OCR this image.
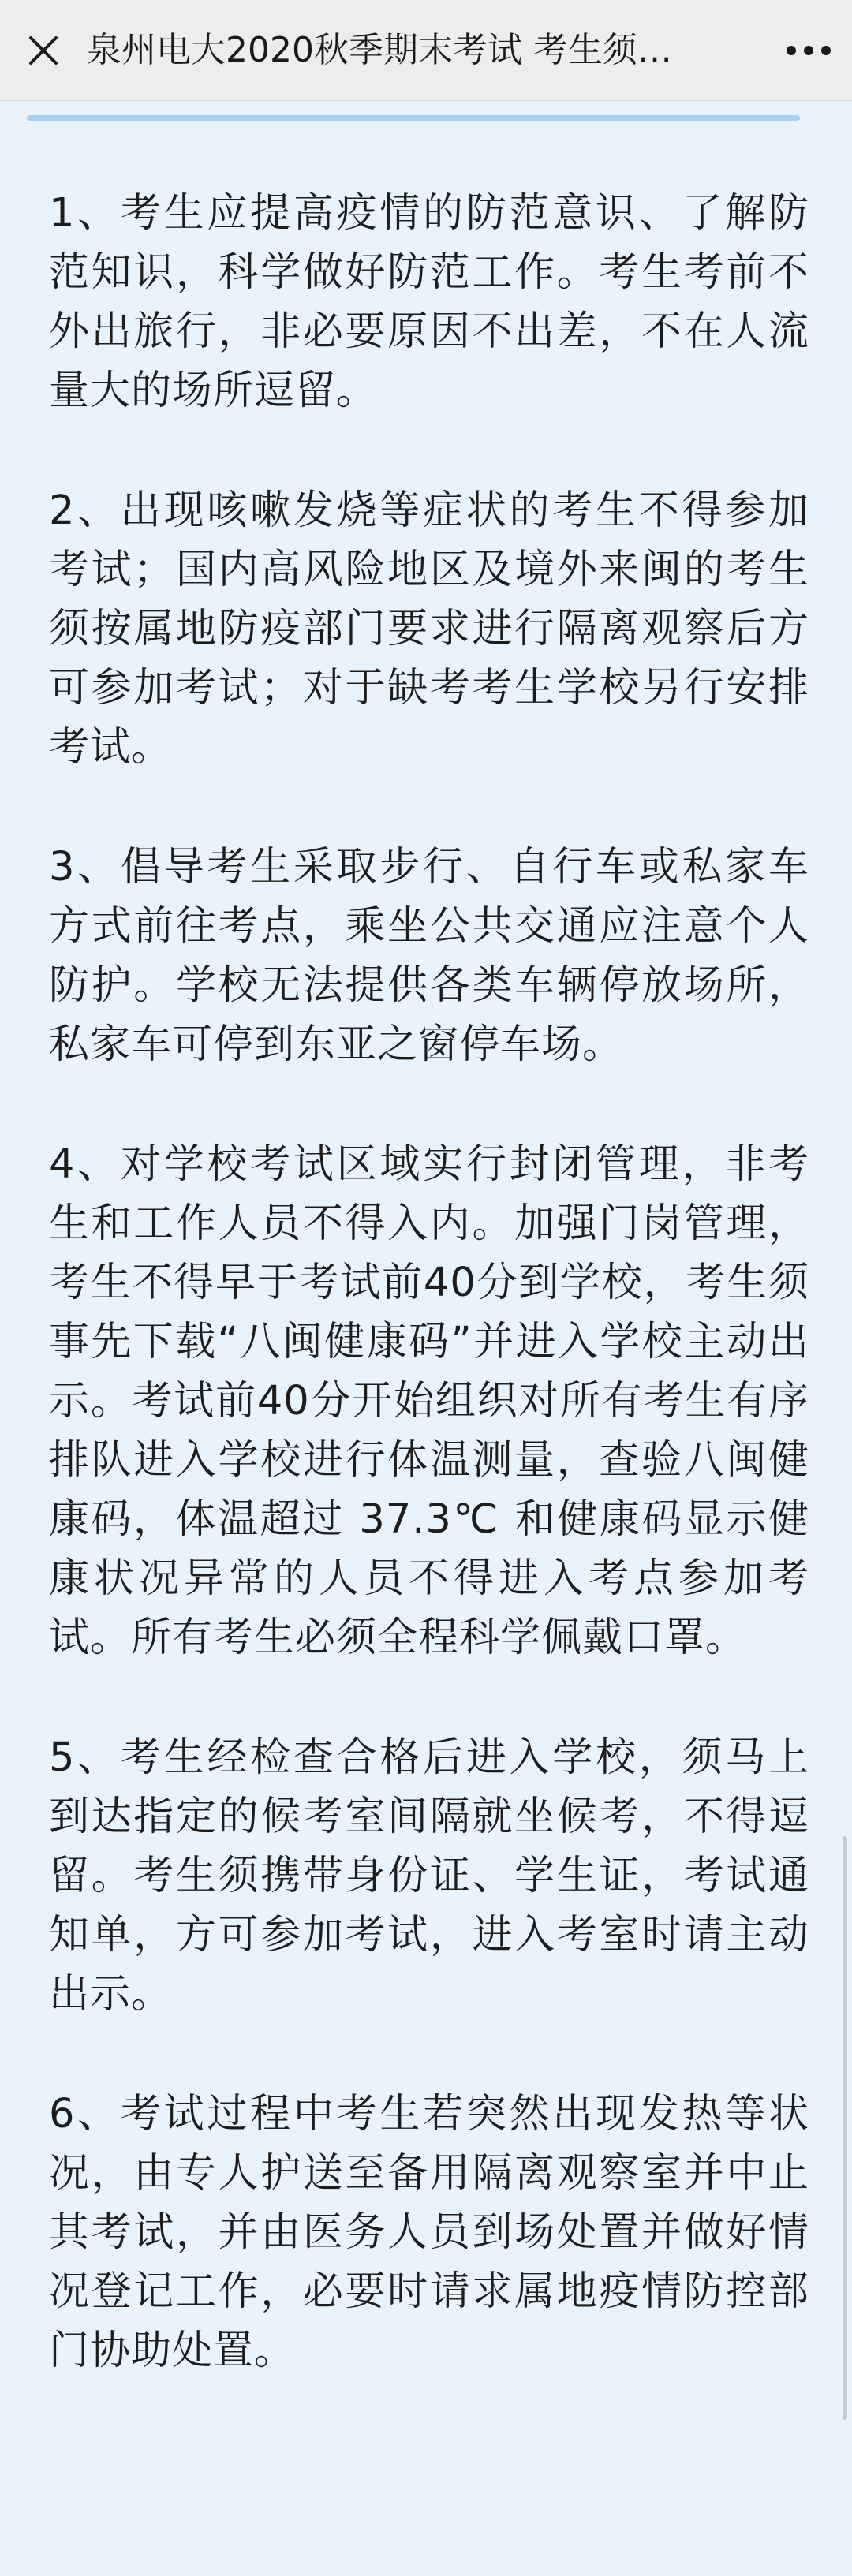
泉州电大2020秋季期末考试 考生须…

1、考生应提高疫情的防范意识、了解防范知识，科学做好防范工作。考生考前不外出旅行，非必要原因不出差，不在人流量大的场所逗留。

2、出现咳嗽发烧等症状的考生不得参加考试；国内高风险地区及境外来闽的考生须按属地防疫部门要求进行隔离观察后方可参加考试；对于缺考考生学校另行安排考试。

3、倡导考生采取步行、自行车或私家车方式前往考点，乘坐公共交通应注意个人防护。学校无法提供各类车辆停放场所，私家车可停到东亚之窗停车场。

4、对学校考试区域实行封闭管理，非考生和工作人员不得入内。加强门岗管理，考生不得早于考试前40分到学校，考生须事先下载“八闽健康码”并进入学校主动出示。考试前40分开始组织对所有考生有序排队进入学校进行体温测量，查验八闽健康码，体温超过 37.3℃ 和健康码显示健康状况异常的人员不得进入考点参加考试。所有考生必须全程科学佩戴口罩。

5、考生经检查合格后进入学校，须马上到达指定的候考室间隔就坐候考，不得逗留。考生须携带身份证、学生证，考试通知单，方可参加考试，进入考室时请主动出示。

6、考试过程中考生若突然出现发热等状况，由专人护送至备用隔离观察室并中止其考试，并由医务人员到场处置并做好情况登记工作，必要时请求属地疫情防控部门协助处置。
